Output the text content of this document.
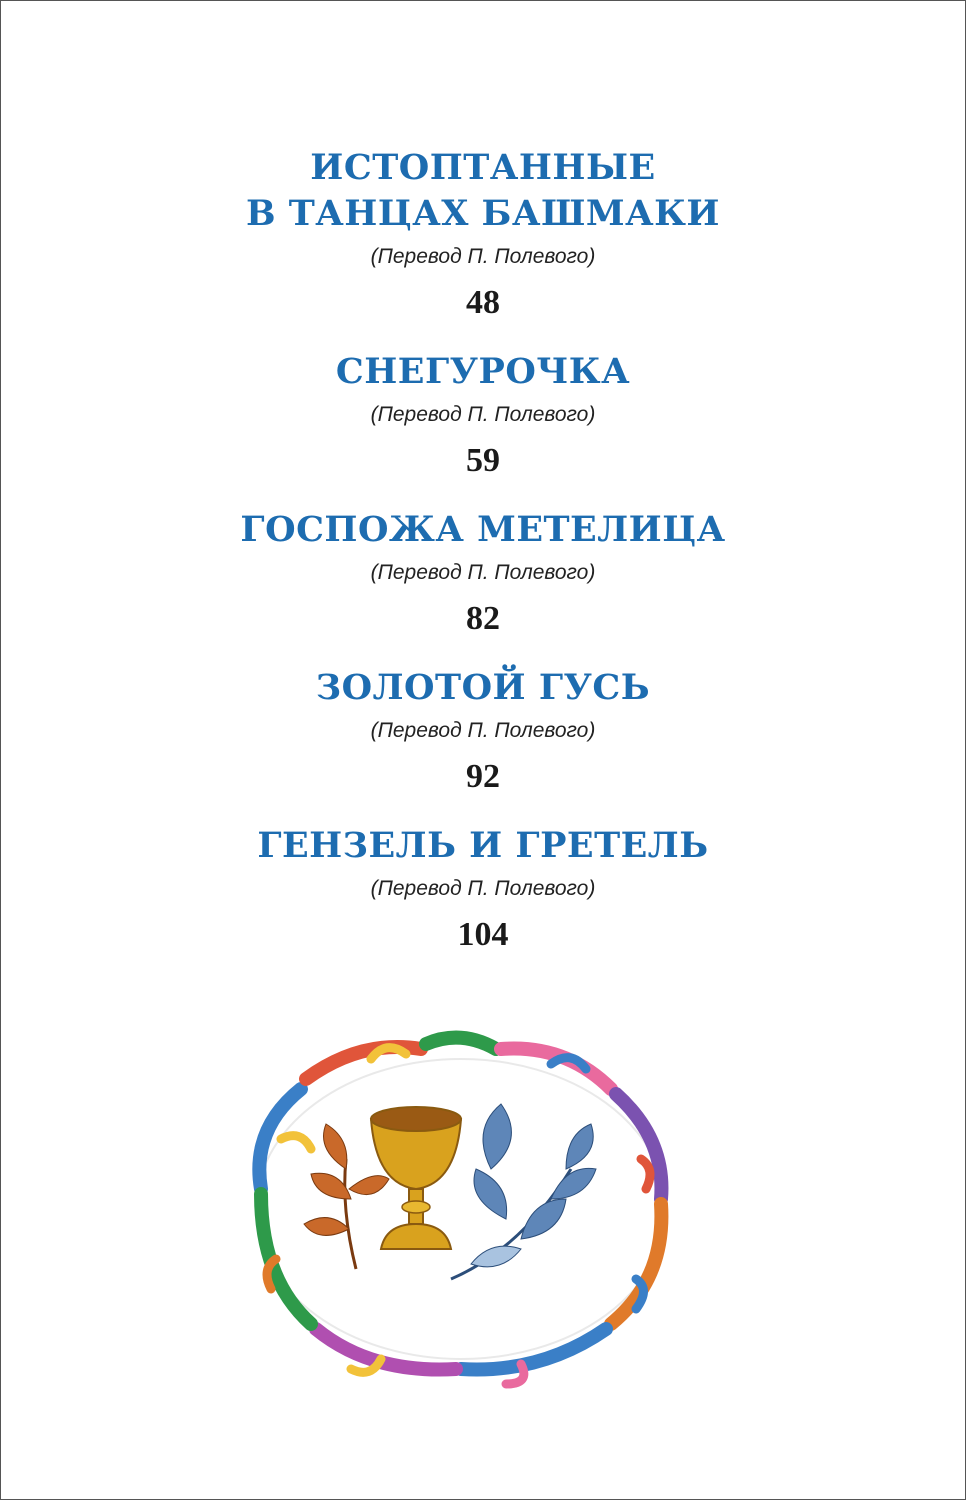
ИСТОПТАННЫЕ
В ТАНЦАХ БАШМАКИ
(Перевод П. Полевого)
48
СНЕГУРОЧКА
(Перевод П. Полевого)
59
ГОСПОЖА МЕТЕЛИЦА
(Перевод П. Полевого)
82
ЗОЛОТОЙ ГУСЬ
(Перевод П. Полевого)
92
ГЕНЗЕЛЬ И ГРЕТЕЛЬ
(Перевод П. Полевого)
104
